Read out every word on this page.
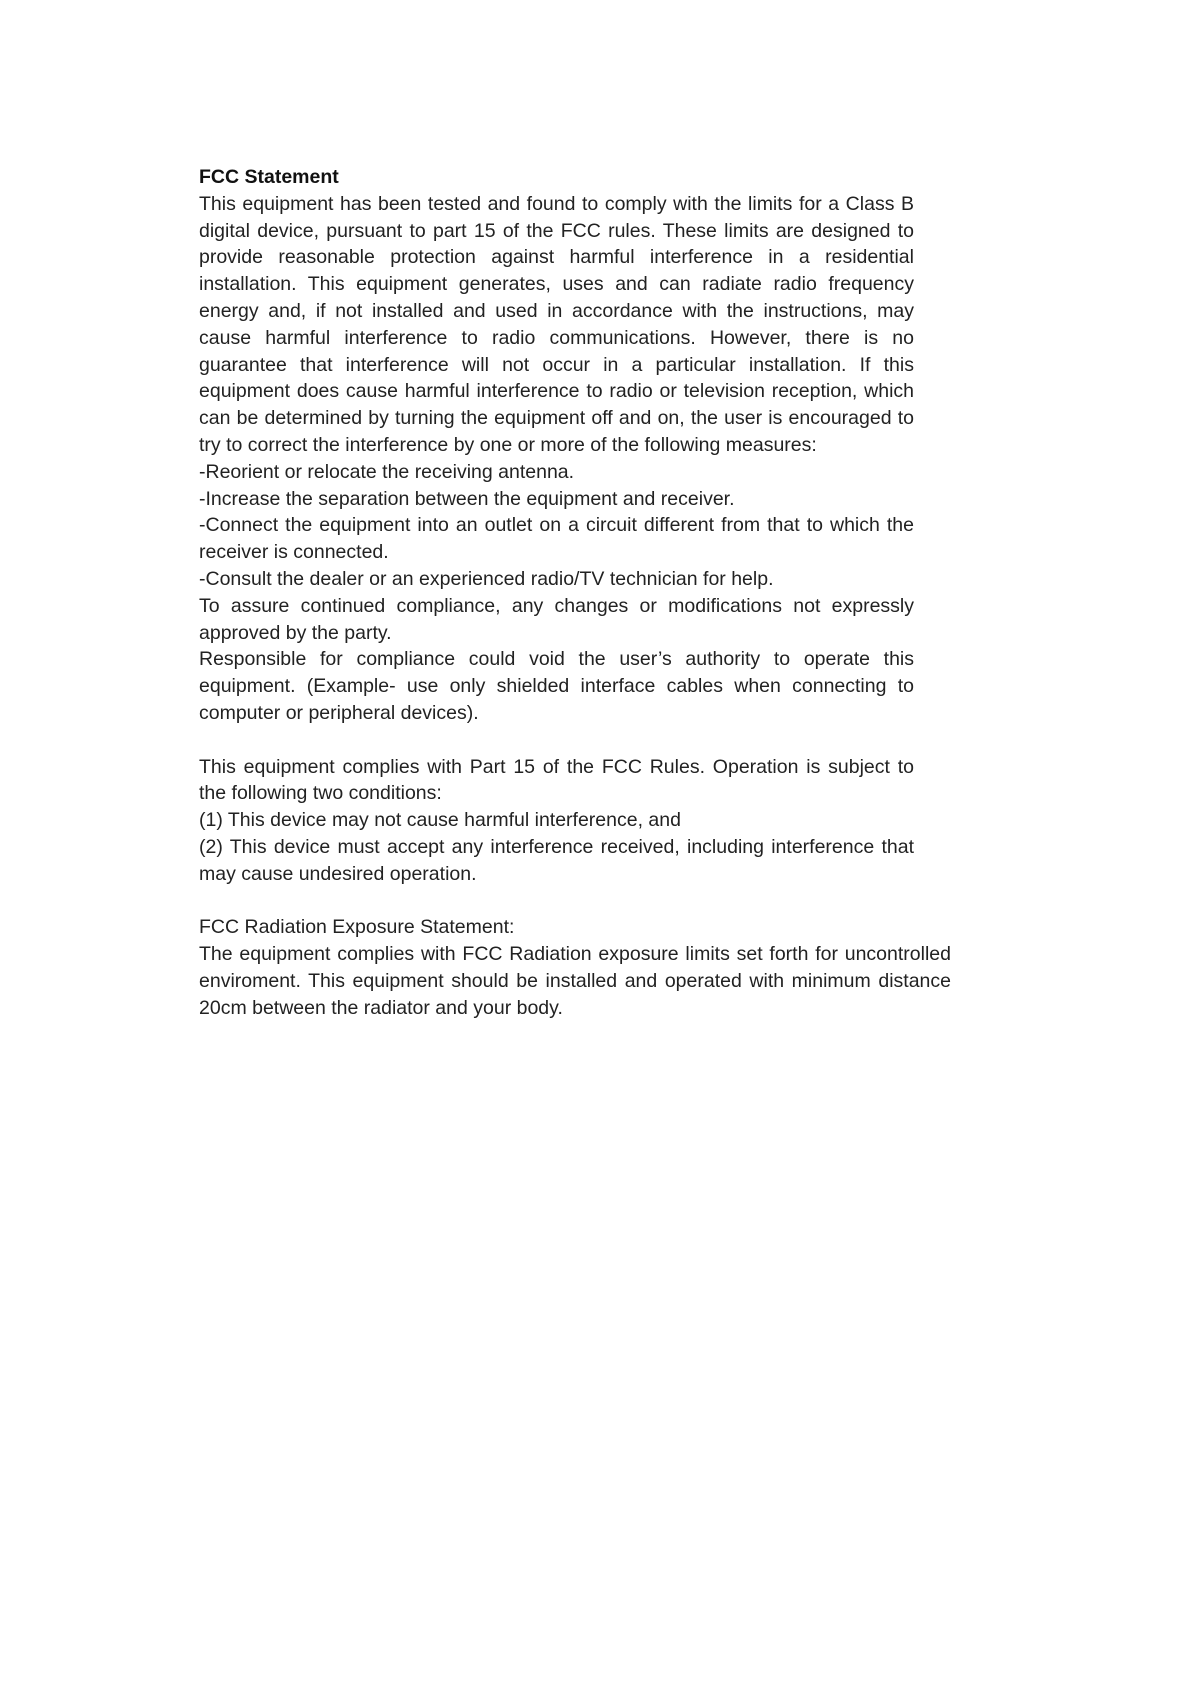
FCC Statement

This equipment has been tested and found to comply with the limits for a Class B digital device, pursuant to part 15 of the FCC rules. These limits are designed to provide reasonable protection against harmful interference in a residential installation. This equipment generates, uses and can radiate radio frequency energy and, if not installed and used in accordance with the instructions, may cause harmful interference to radio communications. However, there is no guarantee that interference will not occur in a particular installation. If this equipment does cause harmful interference to radio or television reception, which can be determined by turning the equipment off and on, the user is encouraged to try to correct the interference by one or more of the following measures:

-Reorient or relocate the receiving antenna.

-Increase the separation between the equipment and receiver.

-Connect the equipment into an outlet on a circuit different from that to which the receiver is connected.

-Consult the dealer or an experienced radio/TV technician for help.

To assure continued compliance, any changes or modifications not expressly approved by the party.

Responsible for compliance could void the user’s authority to operate this equipment. (Example- use only shielded interface cables when connecting to computer or peripheral devices).

This equipment complies with Part 15 of the FCC Rules. Operation is subject to the following two conditions:

(1) This device may not cause harmful interference, and

(2) This device must accept any interference received, including interference that may cause undesired operation.

FCC Radiation Exposure Statement:

The equipment complies with FCC Radiation exposure limits set forth for uncontrolled enviroment. This equipment should be installed and operated with minimum distance 20cm between the radiator and your body.
